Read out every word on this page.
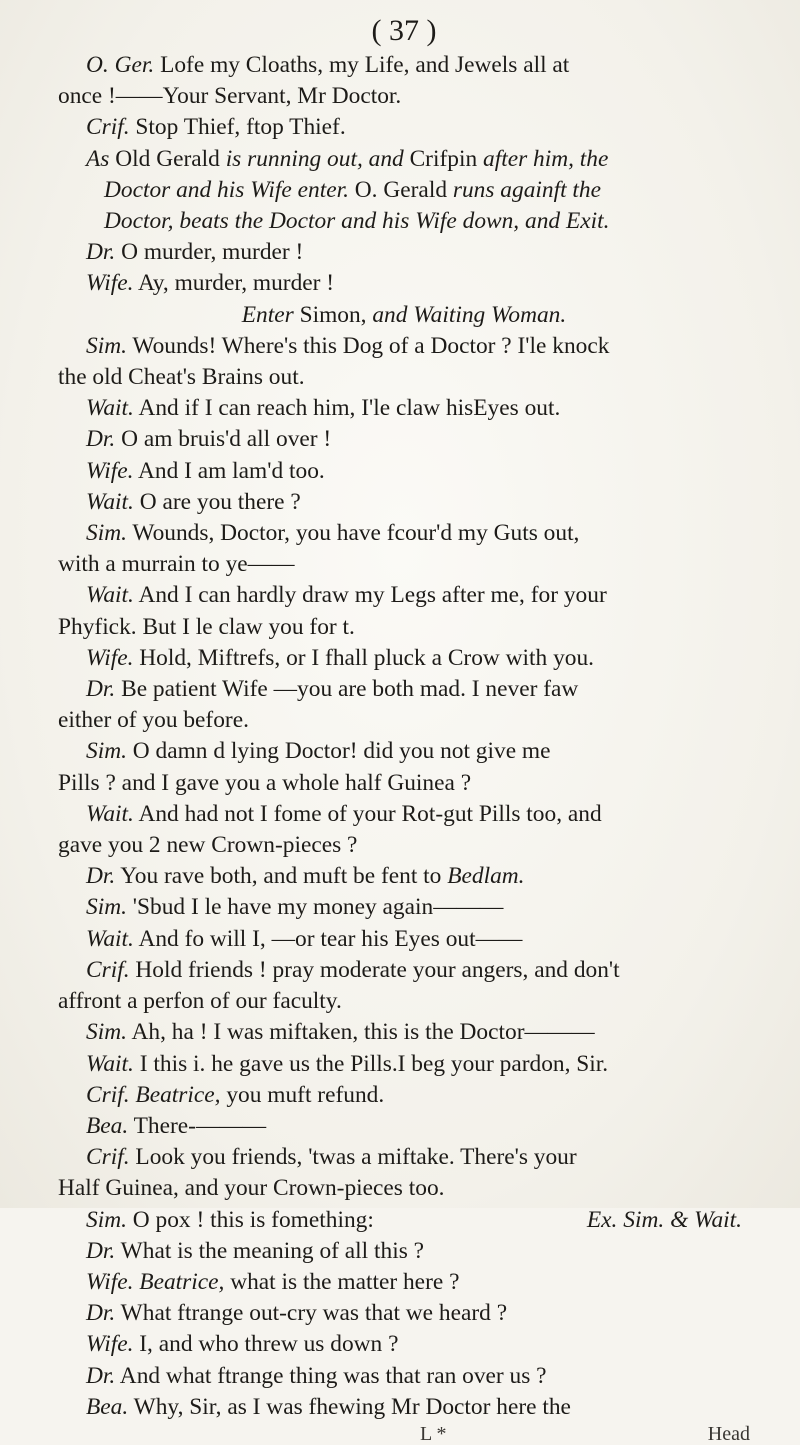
( 37 )
O. Ger. Lofe my Cloaths, my Life, and Jewels all at
once !——Your Servant, Mr Doctor.
Crif. Stop Thief, ftop Thief.
As Old Gerald is running out, and Crifpin after him, the
Doctor and his Wife enter. O. Gerald runs againft the
Doctor, beats the Doctor and his Wife down, and Exit.
Dr. O murder, murder !
Wife. Ay, murder, murder !
Enter Simon, and Waiting Woman.
Sim. Wounds! Where's this Dog of a Doctor ? I'le knock
the old Cheat's Brains out.
Wait. And if I can reach him, I'le claw hisEyes out.
Dr. O am bruis'd all over !
Wife. And I am lam'd too.
Wait. O are you there ?
Sim. Wounds, Doctor, you have fcour'd my Guts out,
with a murrain to ye——
Wait. And I can hardly draw my Legs after me, for your
Phyfick. But I le claw you for t.
Wife. Hold, Miftrefs, or I fhall pluck a Crow with you.
Dr. Be patient Wife —you are both mad. I never faw
either of you before.
Sim. O damn d lying Doctor! did you not give me
Pills ? and I gave you a whole half Guinea ?
Wait. And had not I fome of your Rot-gut Pills too, and
gave you 2 new Crown-pieces ?
Dr. You rave both, and muft be fent to Bedlam.
Sim. 'Sbud I le have my money again———
Wait. And fo will I, —or tear his Eyes out——
Crif. Hold friends ! pray moderate your angers, and don't
affront a perfon of our faculty.
Sim. Ah, ha ! I was miftaken, this is the Doctor———
Wait. I this i. he gave us the Pills.I beg your pardon, Sir.
Crif. Beatrice, you muft refund.
Bea. There-———
Crif. Look you friends, 'twas a miftake. There's your
Half Guinea, and your Crown-pieces too.
Sim. O pox ! this is fomething:	Ex. Sim. & Wait.
Dr. What is the meaning of all this ?
Wife. Beatrice, what is the matter here ?
Dr. What ftrange out-cry was that we heard ?
Wife. I, and who threw us down ?
Dr. And what ftrange thing was that ran over us ?
Bea. Why, Sir, as I was fhewing Mr Doctor here the
L *	Head
